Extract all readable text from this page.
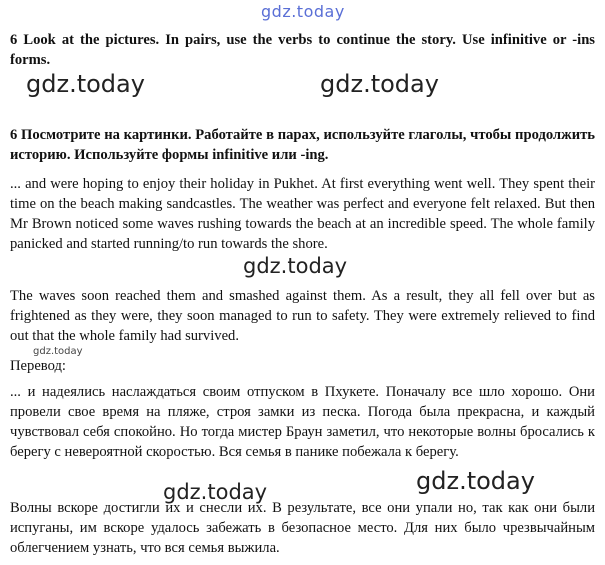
gdz.today
gdz.today	gdz.today

6 Look at the pictures. In pairs, use the verbs to continue the story. Use infinitive or -ins forms.

6 Посмотрите на картинки. Работайте в парах, используйте глаголы, чтобы продолжить историю. Используйте формы infinitive или -ing.

... and were hoping to enjoy their holiday in Pukhet. At first everything went well. They spent their time on the beach making sandcastles. The weather was perfect and everyone felt relaxed. But then Mr Brown noticed some waves rushing towards the beach at an incredible speed. The whole family panicked and started running/to run towards the shore.

gdz.today

The waves soon reached them and smashed against them. As a result, they all fell over but as frightened as they were, they soon managed to run to safety. They were extremely relieved to find out that the whole family had survived.

gdz.today

Перевод:

... и надеялись наслаждаться своим отпуском в Пхукете. Поначалу все шло хорошо. Они провели свое время на пляже, строя замки из песка. Погода была прекрасна, и каждый чувствовал себя спокойно. Но тогда мистер Браун заметил, что некоторые волны бросались к берегу с невероятной скоростью. Вся семья в панике побежала к берегу.

gdz.today	gdz.today

Волны вскоре достигли их и снесли их. В результате, все они упали но, так как они были испуганы, им вскоре удалось забежать в безопасное место. Для них было чрезвычайным облегчением узнать, что вся семья выжила.
